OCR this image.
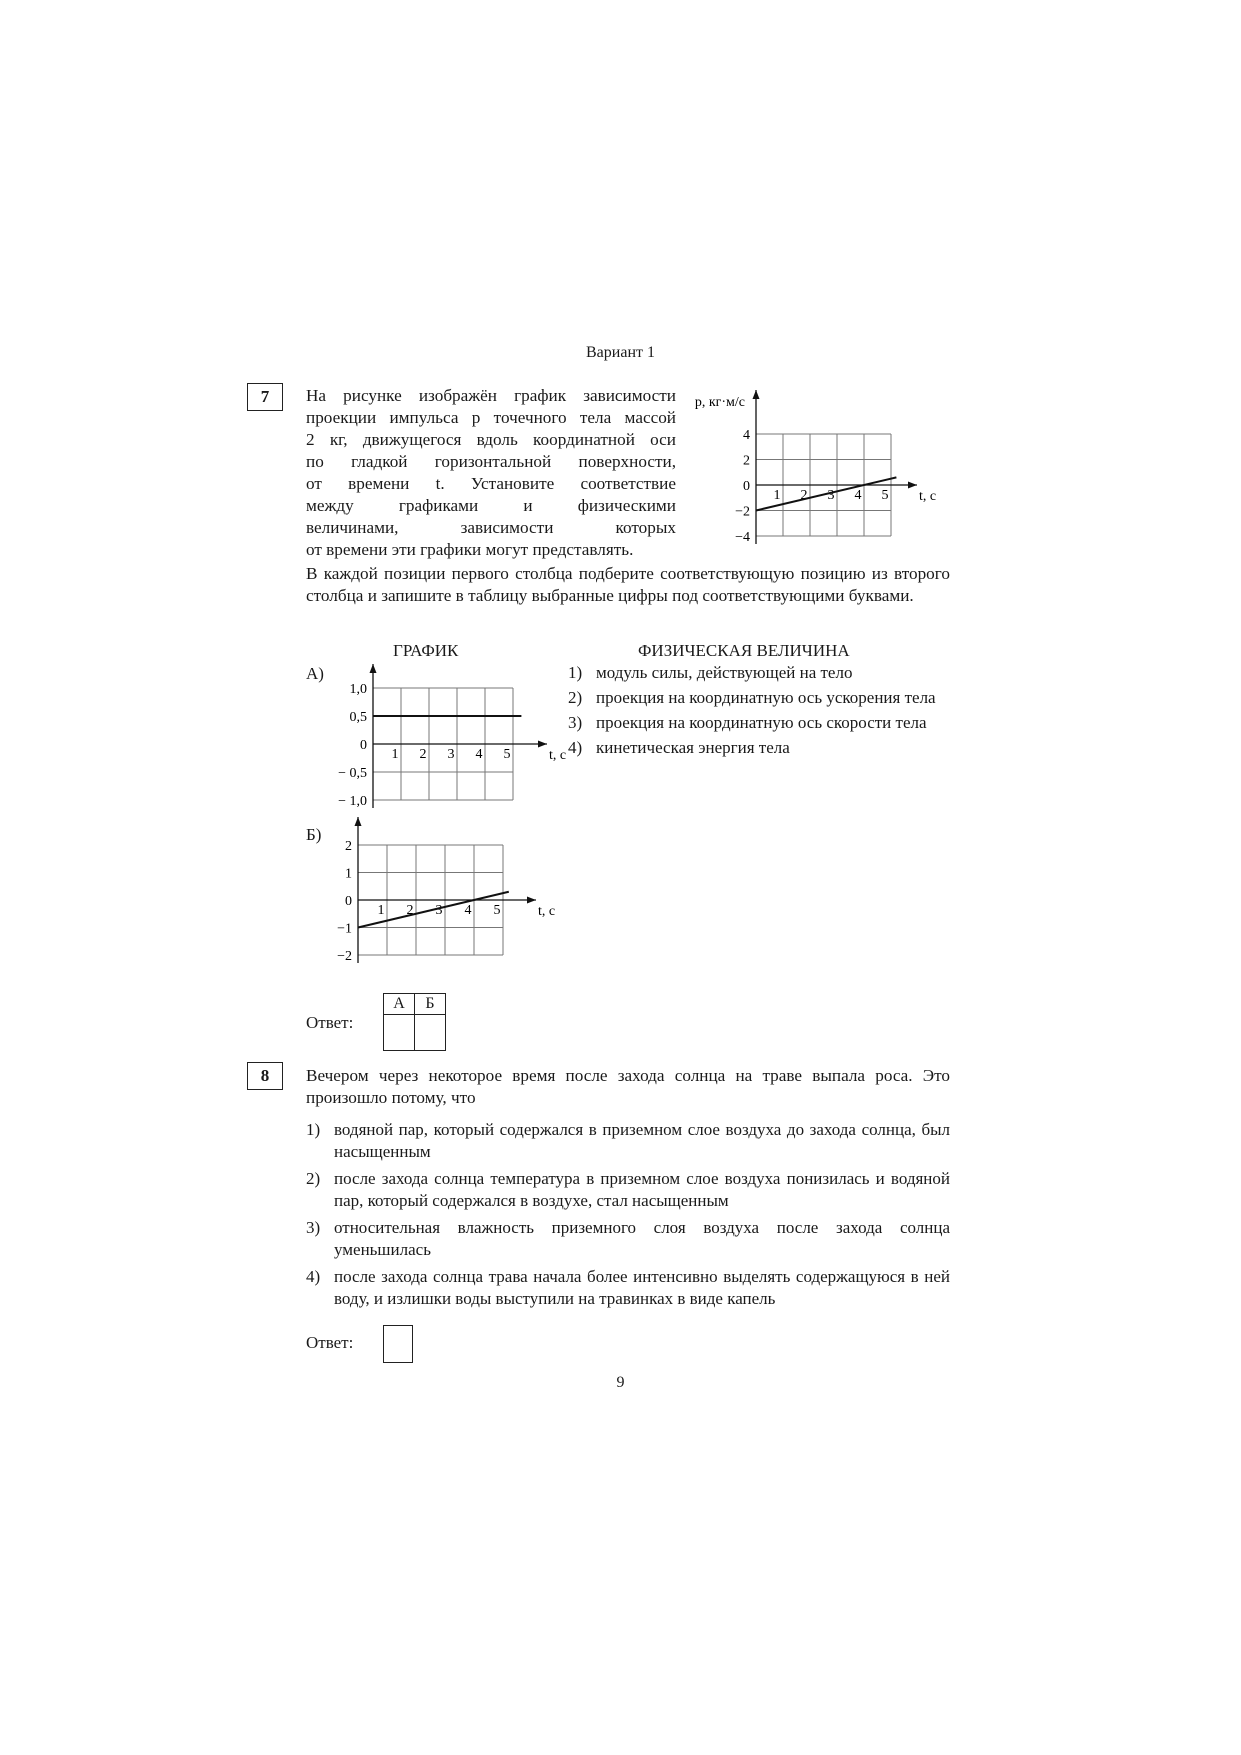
Вариант 1
7	На рисунке изображён график зависимости
проекции импульса p точечного тела массой
2 кг, движущегося вдоль координатной оси
по гладкой горизонтальной поверхности,
от времени t. Установите соответствие
между графиками и физическими
величинами, зависимости которых
от времени эти графики могут представлять.
4
2
0
−2
−4
1 2 3 4 5 t, с
p, кг·м/с
В каждой позиции первого столбца подберите соответствующую позицию из второго столбца и запишите в таблицу выбранные цифры под соответствующими буквами.
ГРАФИК	ФИЗИЧЕСКАЯ ВЕЛИЧИНА
А)
1,0
0,5
0
− 0,5
− 1,0
1 2 3 4 5	t, с
Б)
2
1
0
−1
−2
1 2 3 4 5	t, с
1) модуль силы, действующей на тело
2) проекция на координатную ось ускорения тела
3) проекция на координатную ось скорости тела
4) кинетическая энергия тела
Ответ:
А	Б

8	Вечером через некоторое время после захода солнца на траве выпала роса. Это произошло потому, что
1) водяной пар, который содержался в приземном слое воздуха до захода солнца, был насыщенным
2) после захода солнца температура в приземном слое воздуха понизилась и водяной пар, который содержался в воздухе, стал насыщенным
3) относительная влажность приземного слоя воздуха после захода солнца уменьшилась
4) после захода солнца трава начала более интенсивно выделять содержащуюся в ней воду, и излишки воды выступили на травинках в виде капель
Ответ:
9
